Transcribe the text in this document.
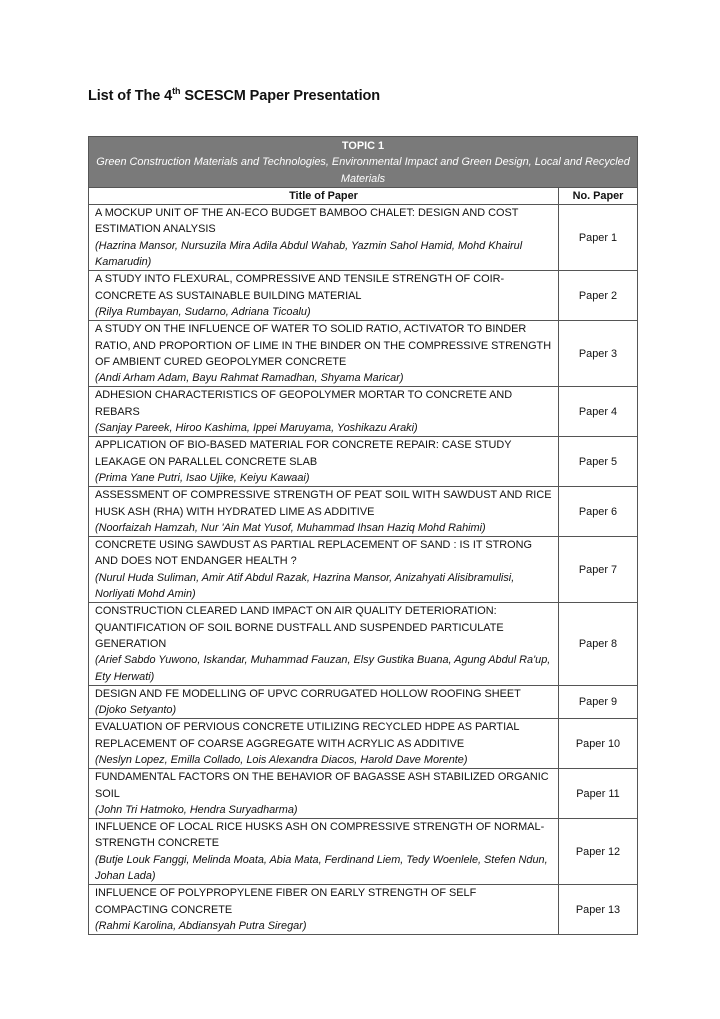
List of The 4th SCESCM Paper Presentation
TOPIC 1
Green Construction Materials and Technologies, Environmental Impact and Green Design, Local and Recycled Materials	

Title of Paper	No. Paper

A MOCKUP UNIT OF THE AN-ECO BUDGET BAMBOO CHALET: DESIGN AND COST ESTIMATION ANALYSIS
(Hazrina Mansor, Nursuzila Mira Adila Abdul Wahab, Yazmin Sahol Hamid, Mohd Khairul Kamarudin)	Paper 1

A STUDY INTO FLEXURAL, COMPRESSIVE AND TENSILE STRENGTH OF COIR-CONCRETE AS SUSTAINABLE BUILDING MATERIAL
(Rilya Rumbayan, Sudarno, Adriana Ticoalu)	Paper 2

A STUDY ON THE INFLUENCE OF WATER TO SOLID RATIO, ACTIVATOR TO BINDER RATIO, AND PROPORTION OF LIME IN THE BINDER ON THE COMPRESSIVE STRENGTH OF AMBIENT CURED GEOPOLYMER CONCRETE
(Andi Arham Adam, Bayu Rahmat Ramadhan, Shyama Maricar)	Paper 3

ADHESION CHARACTERISTICS OF GEOPOLYMER MORTAR TO CONCRETE AND REBARS
(Sanjay Pareek, Hiroo Kashima, Ippei Maruyama, Yoshikazu Araki)	Paper 4

APPLICATION OF BIO-BASED MATERIAL FOR CONCRETE REPAIR: CASE STUDY LEAKAGE ON PARALLEL CONCRETE SLAB
(Prima Yane Putri, Isao Ujike, Keiyu Kawaai)	Paper 5

ASSESSMENT OF COMPRESSIVE STRENGTH OF PEAT SOIL WITH SAWDUST AND RICE HUSK ASH (RHA) WITH HYDRATED LIME AS ADDITIVE
(Noorfaizah Hamzah, Nur 'Ain Mat Yusof, Muhammad Ihsan Haziq Mohd Rahimi)	Paper 6

CONCRETE USING SAWDUST AS PARTIAL REPLACEMENT OF SAND : IS IT STRONG AND DOES NOT ENDANGER HEALTH ?
(Nurul Huda Suliman, Amir Atif Abdul Razak, Hazrina Mansor, Anizahyati Alisibramulisi, Norliyati Mohd Amin)	Paper 7

CONSTRUCTION CLEARED LAND IMPACT ON AIR QUALITY DETERIORATION: QUANTIFICATION OF SOIL BORNE DUSTFALL AND SUSPENDED PARTICULATE GENERATION
(Arief Sabdo Yuwono, Iskandar, Muhammad Fauzan, Elsy Gustika Buana, Agung Abdul Ra'up, Ety Herwati)	Paper 8

DESIGN AND FE MODELLING OF UPVC CORRUGATED HOLLOW ROOFING SHEET
(Djoko Setyanto)	Paper 9

EVALUATION OF PERVIOUS CONCRETE UTILIZING RECYCLED HDPE AS PARTIAL REPLACEMENT OF COARSE AGGREGATE WITH ACRYLIC AS ADDITIVE
(Neslyn Lopez, Emilla Collado, Lois Alexandra Diacos, Harold Dave Morente)	Paper 10

FUNDAMENTAL FACTORS ON THE BEHAVIOR OF BAGASSE ASH STABILIZED ORGANIC SOIL
(John Tri Hatmoko, Hendra Suryadharma)	Paper 11

INFLUENCE OF LOCAL RICE HUSKS ASH ON COMPRESSIVE STRENGTH OF NORMAL-STRENGTH CONCRETE
(Butje Louk Fanggi, Melinda Moata, Abia Mata, Ferdinand Liem, Tedy Woenlele, Stefen Ndun, Johan Lada)	Paper 12

INFLUENCE OF POLYPROPYLENE FIBER ON EARLY STRENGTH OF SELF COMPACTING CONCRETE
(Rahmi Karolina, Abdiansyah Putra Siregar)	Paper 13
